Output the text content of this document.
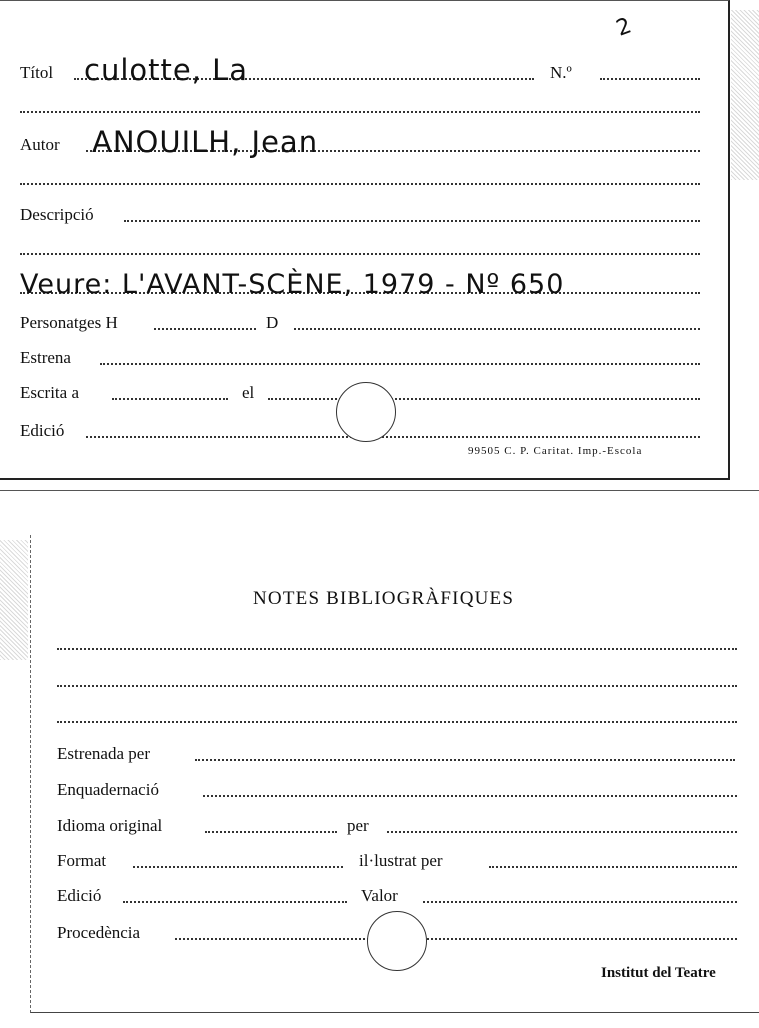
2
Títol culotte, La	N.º
Autor ANOUILH, Jean
Descripció
Veure: L'AVANT-SCÈNE, 1979 - Nº 650
Personatges H	D
Estrena
Escrita a	el
Edició
99505 C. P. Caritat. Imp.-Escola
NOTES BIBLIOGRÀFIQUES
Estrenada per
Enquadernació
Idioma original	per
Format	il·lustrat per
Edició	Valor
Procedència
Institut del Teatre
